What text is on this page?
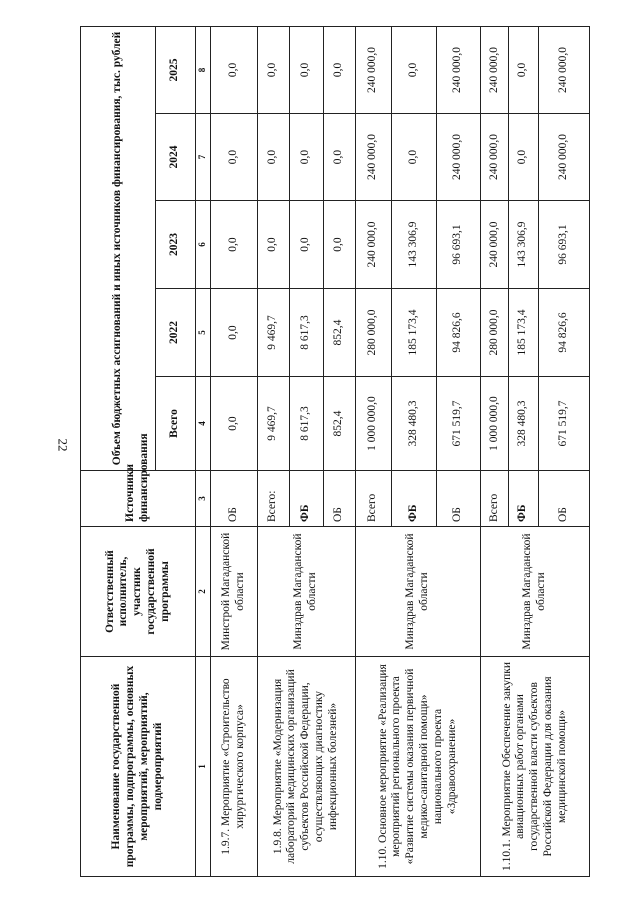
22
Наименование государственной программы, подпрограммы, основных мероприятий, мероприятий, подмероприятий	Ответственный исполнитель, участник государственной программы	Источники финансирования	Объем бюджетных ассигнований и иных источников финансирования, тыс. рублей				
			Всего	2022	2023	2024	2025
1	2	3	4	5	6	7	8
1.9.7. Мероприятие «Строительство хирургического корпуса»	Минстрой Магаданской области	ОБ	0,0	0,0	0,0	0,0	0,0
1.9.8. Мероприятие «Модернизация лабораторий медицинских организаций субъектов Российской Федерации, осуществляющих диагностику инфекционных болезней»	Минздрав Магаданской области	Всего:	9 469,7	9 469,7	0,0	0,0	0,0
		ФБ	8 617,3	8 617,3	0,0	0,0	0,0
		ОБ	852,4	852,4	0,0	0,0	0,0
1.10. Основное мероприятие «Реализация мероприятий регионального проекта «Развитие системы оказания первичной медико-санитарной помощи» национального проекта «Здравоохранение»	Минздрав Магаданской области	Всего	1 000 000,0	280 000,0	240 000,0	240 000,0	240 000,0
		ФБ	328 480,3	185 173,4	143 306,9	0,0	0,0
		ОБ	671 519,7	94 826,6	96 693,1	240 000,0	240 000,0
1.10.1. Мероприятие Обеспечение закупки авиационных работ органами государственной власти субъектов Российской Федерации для оказания медицинской помощи»	Минздрав Магаданской области	Всего	1 000 000,0	280 000,0	240 000,0	240 000,0	240 000,0
		ФБ	328 480,3	185 173,4	143 306,9	0,0	0,0
		ОБ	671 519,7	94 826,6	96 693,1	240 000,0	240 000,0
